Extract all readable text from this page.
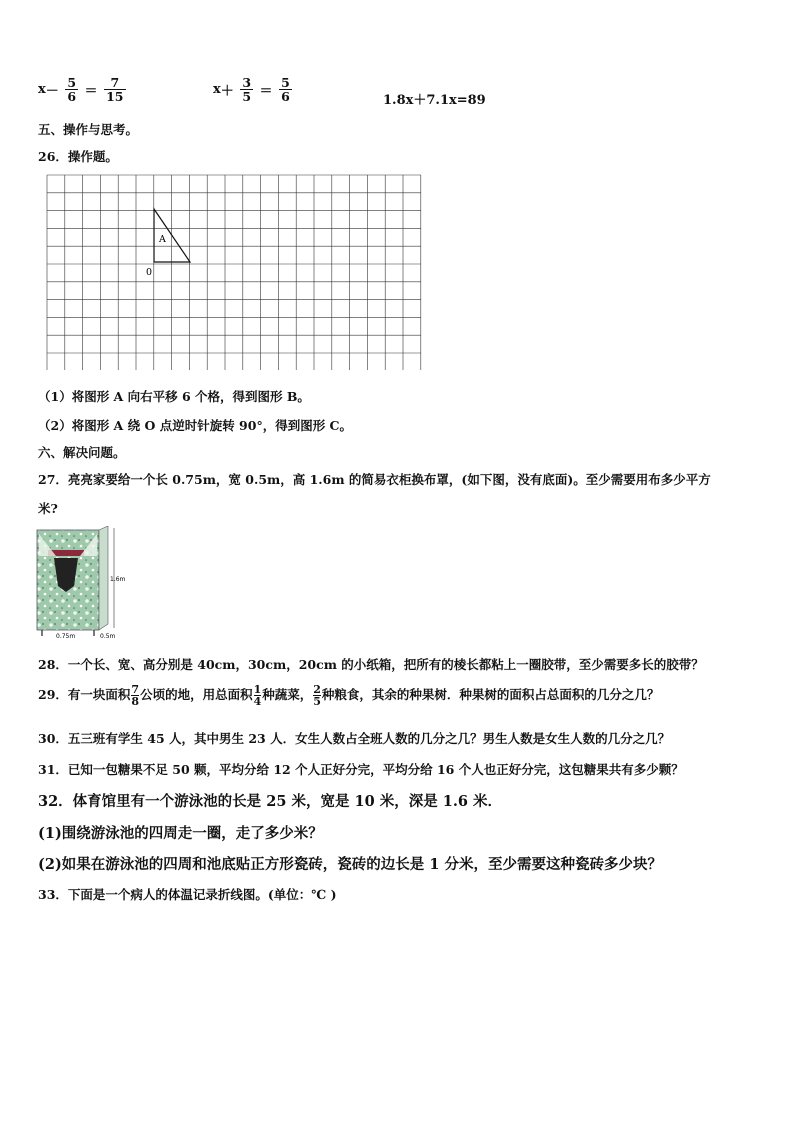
$x- \frac{5}{6} = \frac{7}{15}$	$x+ \frac{3}{5} = \frac{5}{6}$	1.8x＋7.1x=89
五、操作与思考。
26．操作题。
A
0
（1）将图形 A 向右平移 6 个格，得到图形 B。
（2）将图形 A 绕 O 点逆时针旋转 90°，得到图形 C。
六、解决问题。
27．亮亮家要给一个长 0.75m，宽 0.5m，高 1.6m 的简易衣柜换布罩，(如下图，没有底面)。至少需要用布多少平方
米?
1.6m
0.75m	0.5m
28．一个长、宽、高分别是 40cm，30cm，20cm 的小纸箱，把所有的棱长都粘上一圈胶带，至少需要多长的胶带？
29．有一块面积 $\frac{7}{8}$ 公顷的地，用总面积 $\frac{1}{4}$ 种蔬菜， $\frac{2}{5}$ 种粮食，其余的种果树．种果树的面积占总面积的几分之几？
30．五三班有学生 45 人，其中男生 23 人．女生人数占全班人数的几分之几？男生人数是女生人数的几分之几？
31．已知一包糖果不足 50 颗，平均分给 12 个人正好分完，平均分给 16 个人也正好分完，这包糖果共有多少颗？
32．体育馆里有一个游泳池的长是 25 米，宽是 10 米，深是 1.6 米．
(1)围绕游泳池的四周走一圈，走了多少米？
(2)如果在游泳池的四周和池底贴正方形瓷砖，瓷砖的边长是 1 分米，至少需要这种瓷砖多少块？
33．下面是一个病人的体温记录折线图。(单位：℃ )
